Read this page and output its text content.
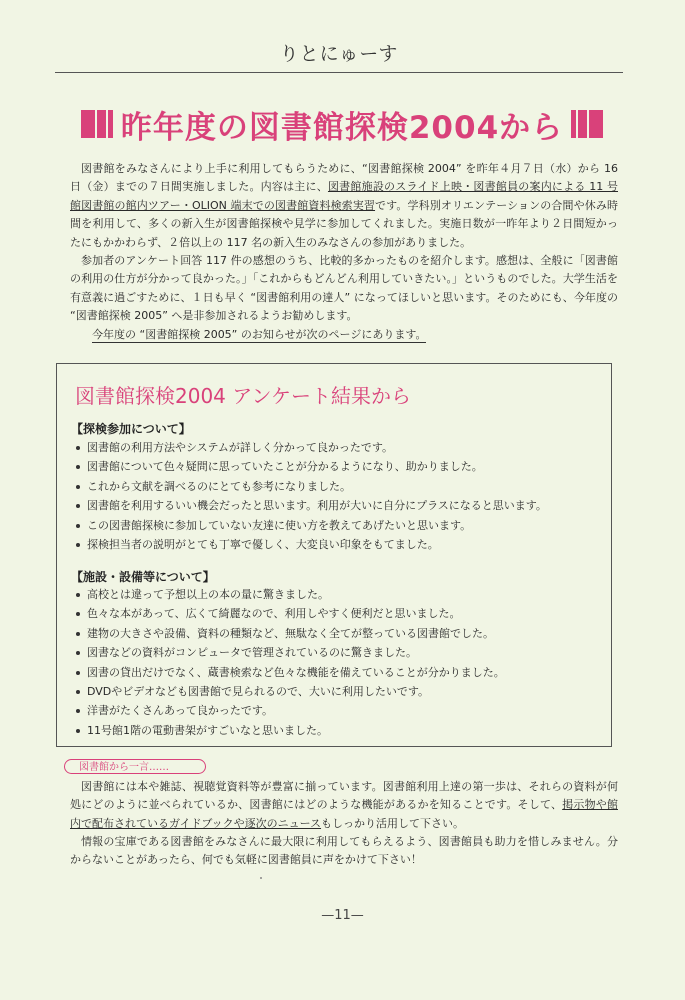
りとにゅーす
昨年度の図書館探検2004から

図書館をみなさんにより上手に利用してもらうために、“図書館探検 2004” を昨年４月７日（水）から 16 日（金）までの７日間実施しました。内容は主に、図書館施設のスライド上映・図書館員の案内による 11 号館図書館の館内ツアー・OLION 端末での図書館資料検索実習です。学科別オリエンテーションの合間や休み時間を利用して、多くの新入生が図書館探検や見学に参加してくれました。実施日数が一昨年より２日間短かったにもかかわらず、２倍以上の 117 名の新入生のみなさんの参加がありました。

参加者のアンケート回答 117 件の感想のうち、比較的多かったものを紹介します。感想は、全般に「図書館の利用の仕方が分かって良かった。」「これからもどんどん利用していきたい。」というものでした。大学生活を有意義に過ごすために、１日も早く “図書館利用の達人” になってほしいと思います。そのためにも、今年度の “図書館探検 2005” へ是非参加されるようお勧めします。

今年度の “図書館探検 2005” のお知らせが次のページにあります。

図書館探検2004 アンケート結果から
【探検参加について】
図書館の利用方法やシステムが詳しく分かって良かったです。
図書館について色々疑問に思っていたことが分かるようになり、助かりました。
これから文献を調べるのにとても参考になりました。
図書館を利用するいい機会だったと思います。利用が大いに自分にプラスになると思います。
この図書館探検に参加していない友達に使い方を教えてあげたいと思います。
探検担当者の説明がとても丁寧で優しく、大変良い印象をもてました。
【施設・設備等について】
高校とは違って予想以上の本の量に驚きました。
色々な本があって、広くて綺麗なので、利用しやすく便利だと思いました。
建物の大きさや設備、資料の種類など、無駄なく全てが整っている図書館でした。
図書などの資料がコンピュータで管理されているのに驚きました。
図書の貸出だけでなく、蔵書検索など色々な機能を備えていることが分かりました。
DVDやビデオなども図書館で見られるので、大いに利用したいです。
洋書がたくさんあって良かったです。
11号館1階の電動書架がすごいなと思いました。
図書館から一言……

図書館には本や雑誌、視聴覚資料等が豊富に揃っています。図書館利用上達の第一歩は、それらの資料が何処にどのように並べられているか、図書館にはどのような機能があるかを知ることです。そして、掲示物や館内で配布されているガイドブックや逐次のニュースもしっかり活用して下さい。

情報の宝庫である図書館をみなさんに最大限に利用してもらえるよう、図書館員も助力を惜しみません。分からないことがあったら、何でも気軽に図書館員に声をかけて下さい！

—11—
